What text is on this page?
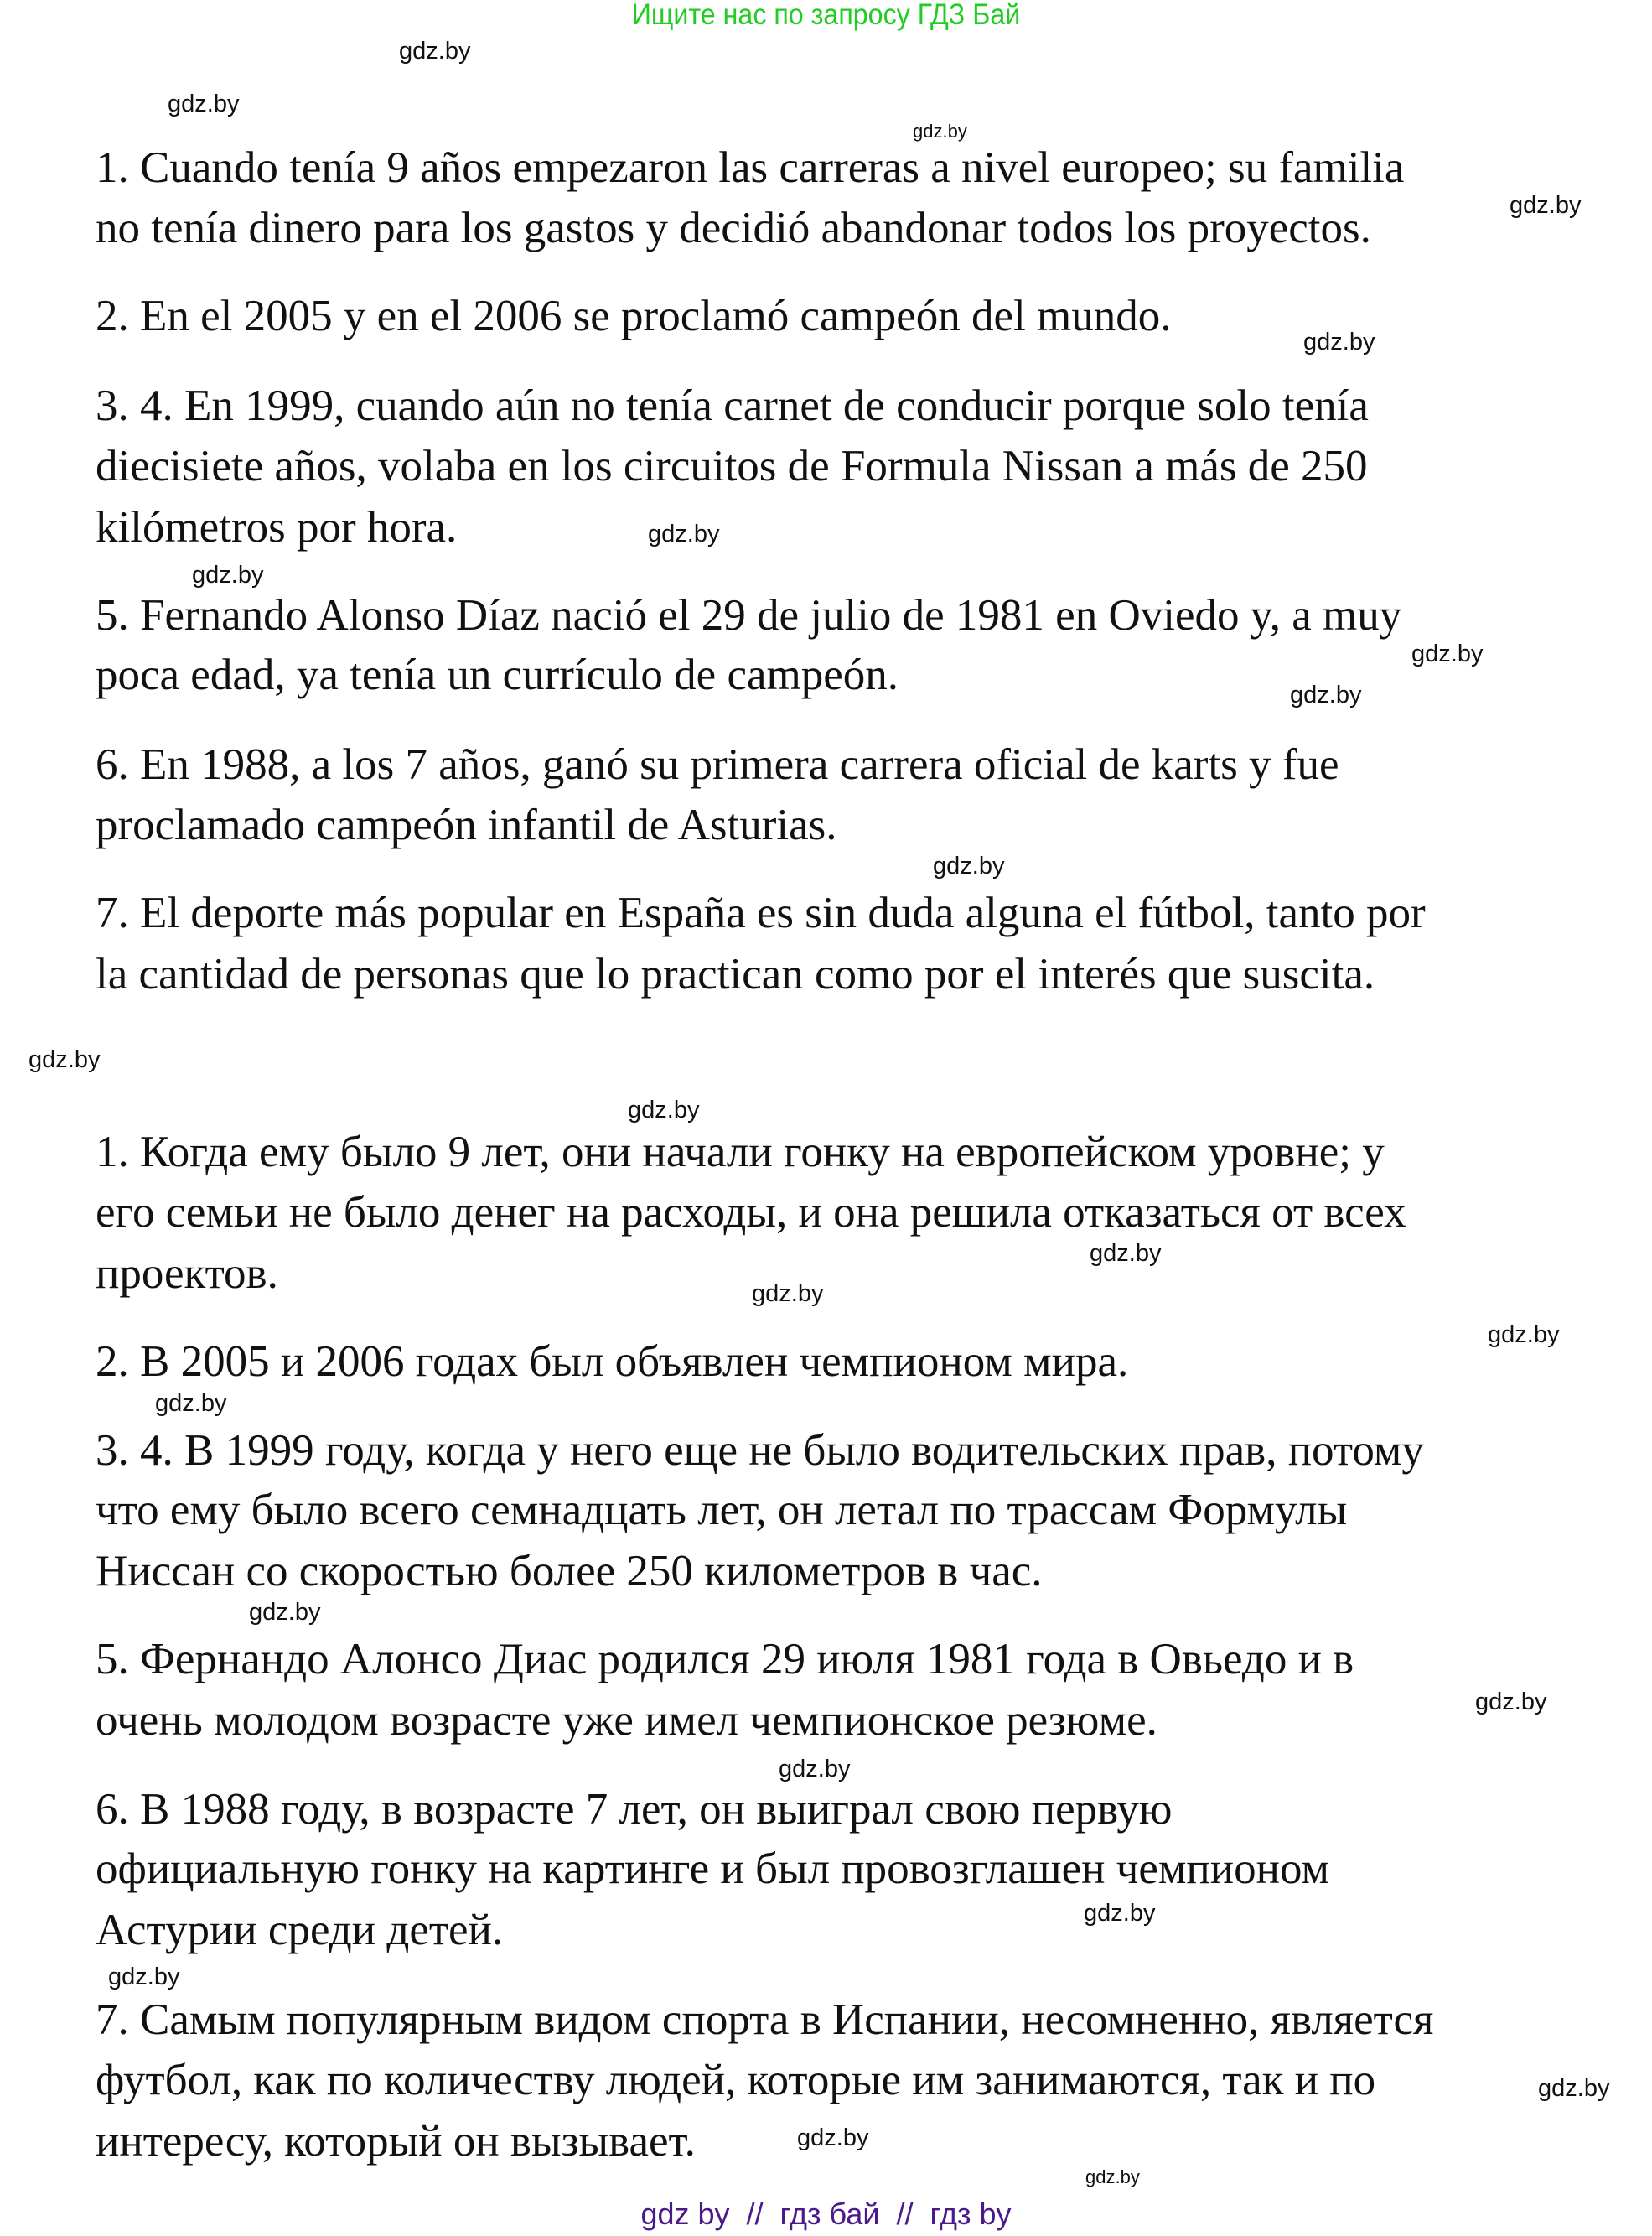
Ищите нас по запросу ГДЗ Бай
1. Cuando tenía 9 años empezaron las carreras a nivel europeo; su familia
no tenía dinero para los gastos y decidió abandonar todos los proyectos.
2. En el 2005 y en el 2006 se proclamó campeón del mundo.
3. 4. En 1999, cuando aún no tenía carnet de conducir porque solo tenía
diecisiete años, volaba en los circuitos de Formula Nissan a más de 250
kilómetros por hora.
5. Fernando Alonso Díaz nació el 29 de julio de 1981 en Oviedo y, a muy
poca edad, ya tenía un currículo de campeón.
6. En 1988, a los 7 años, ganó su primera carrera oficial de karts y fue
proclamado campeón infantil de Asturias.
7. El deporte más popular en España es sin duda alguna el fútbol, tanto por
la cantidad de personas que lo practican como por el interés que suscita.
1. Когда ему было 9 лет, они начали гонку на европейском уровне; у
его семьи не было денег на расходы, и она решила отказаться от всех
проектов.
2. В 2005 и 2006 годах был объявлен чемпионом мира.
3. 4. В 1999 году, когда у него еще не было водительских прав, потому
что ему было всего семнадцать лет, он летал по трассам Формулы
Ниссан со скоростью более 250 километров в час.
5. Фернандо Алонсо Диас родился 29 июля 1981 года в Овьедо и в
очень молодом возрасте уже имел чемпионское резюме.
6. В 1988 году, в возрасте 7 лет, он выиграл свою первую
официальную гонку на картинге и был провозглашен чемпионом
Астурии среди детей.
7. Самым популярным видом спорта в Испании, несомненно, является
футбол, как по количеству людей, которые им занимаются, так и по
интересу, который он вызывает.
gdz.by
gdz.by
gdz.by
gdz.by
gdz.by
gdz.by
gdz.by
gdz.by
gdz.by
gdz.by
gdz.by
gdz.by
gdz.by
gdz.by
gdz.by
gdz.by
gdz.by
gdz.by
gdz.by
gdz.by
gdz.by
gdz.by
gdz.by
gdz.by
gdz by  //  гдз бай  //  гдз by
